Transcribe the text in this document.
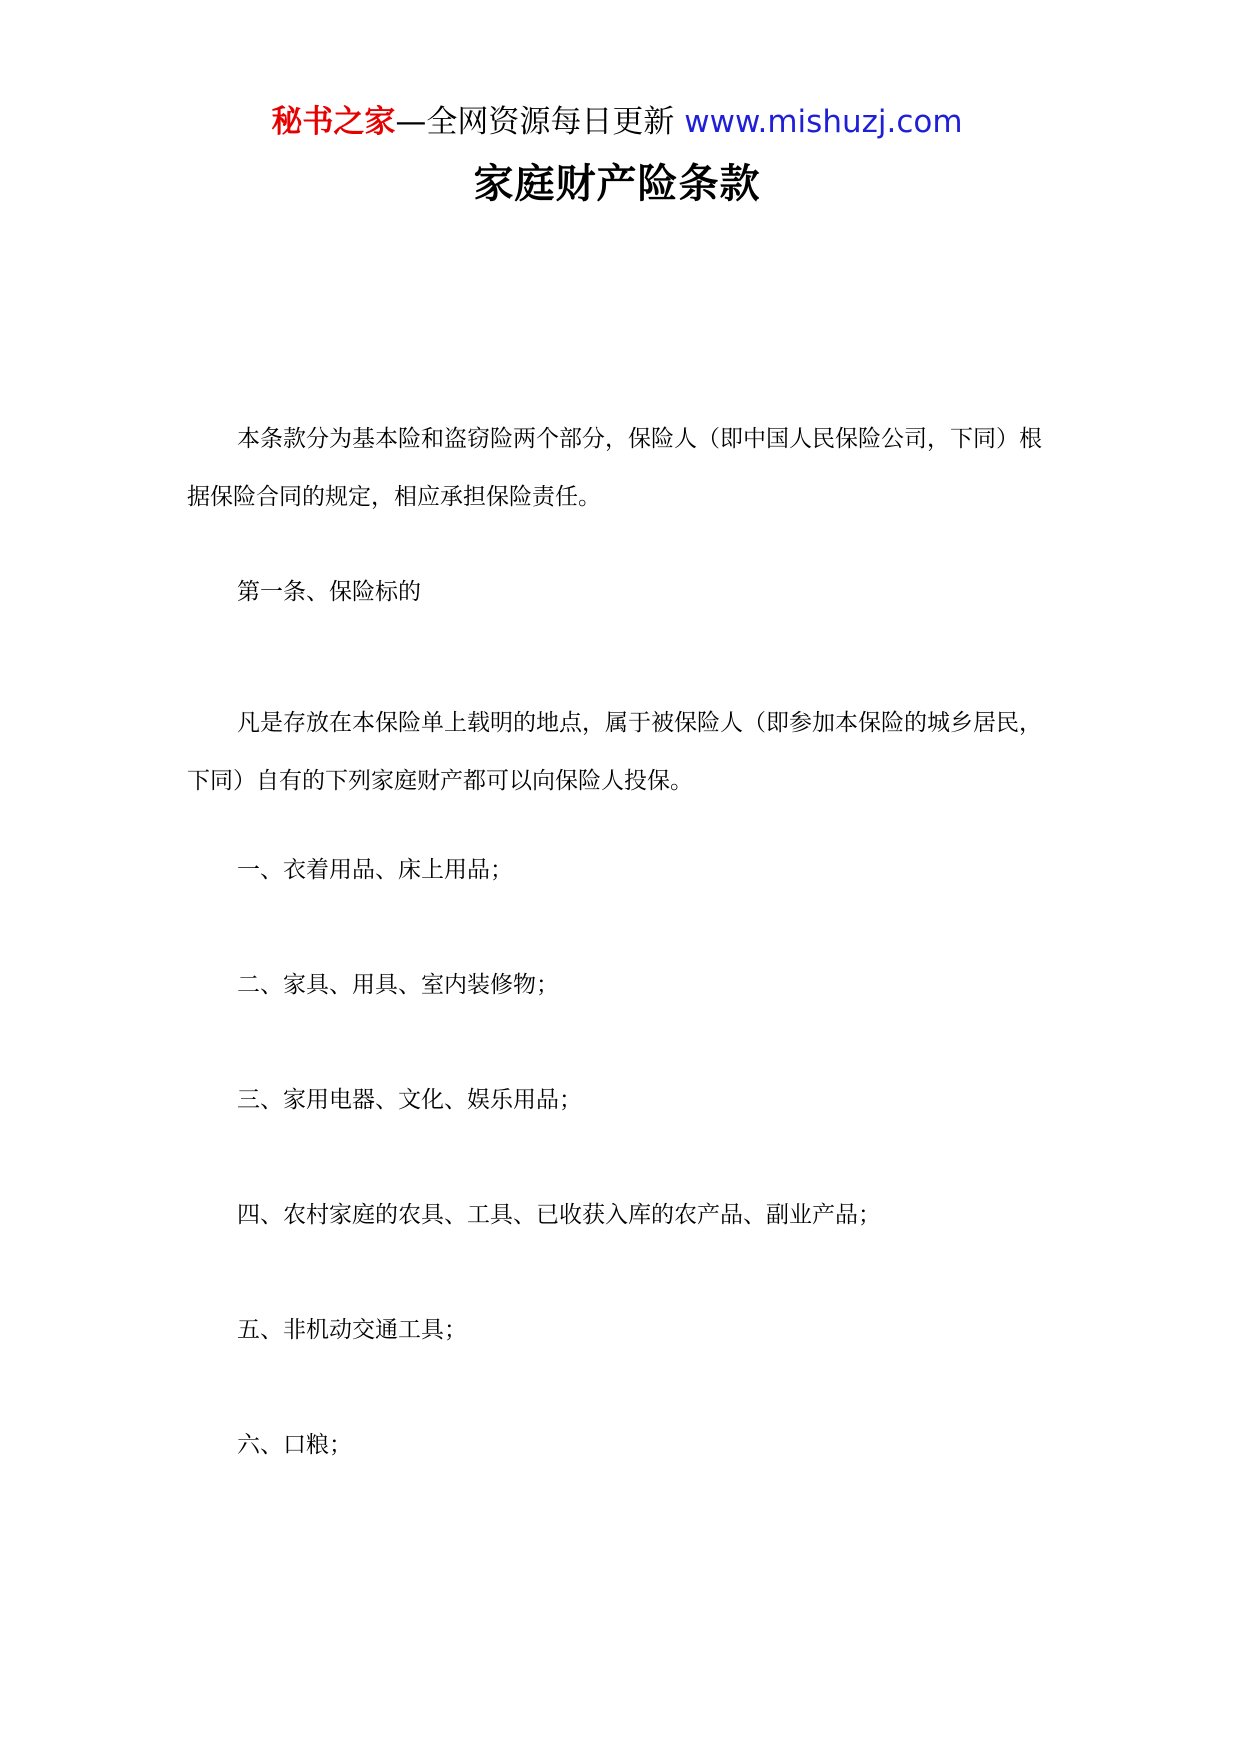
秘书之家—全网资源每日更新 www.mishuzj.com
家庭财产险条款

本条款分为基本险和盗窃险两个部分，保险人（即中国人民保险公司，下同）根据保险合同的规定，相应承担保险责任。

第一条、保险标的

凡是存放在本保险单上载明的地点，属于被保险人（即参加本保险的城乡居民，下同）自有的下列家庭财产都可以向保险人投保。

一、衣着用品、床上用品；

二、家具、用具、室内装修物；

三、家用电器、文化、娱乐用品；

四、农村家庭的农具、工具、已收获入库的农产品、副业产品；

五、非机动交通工具；

六、口粮；
